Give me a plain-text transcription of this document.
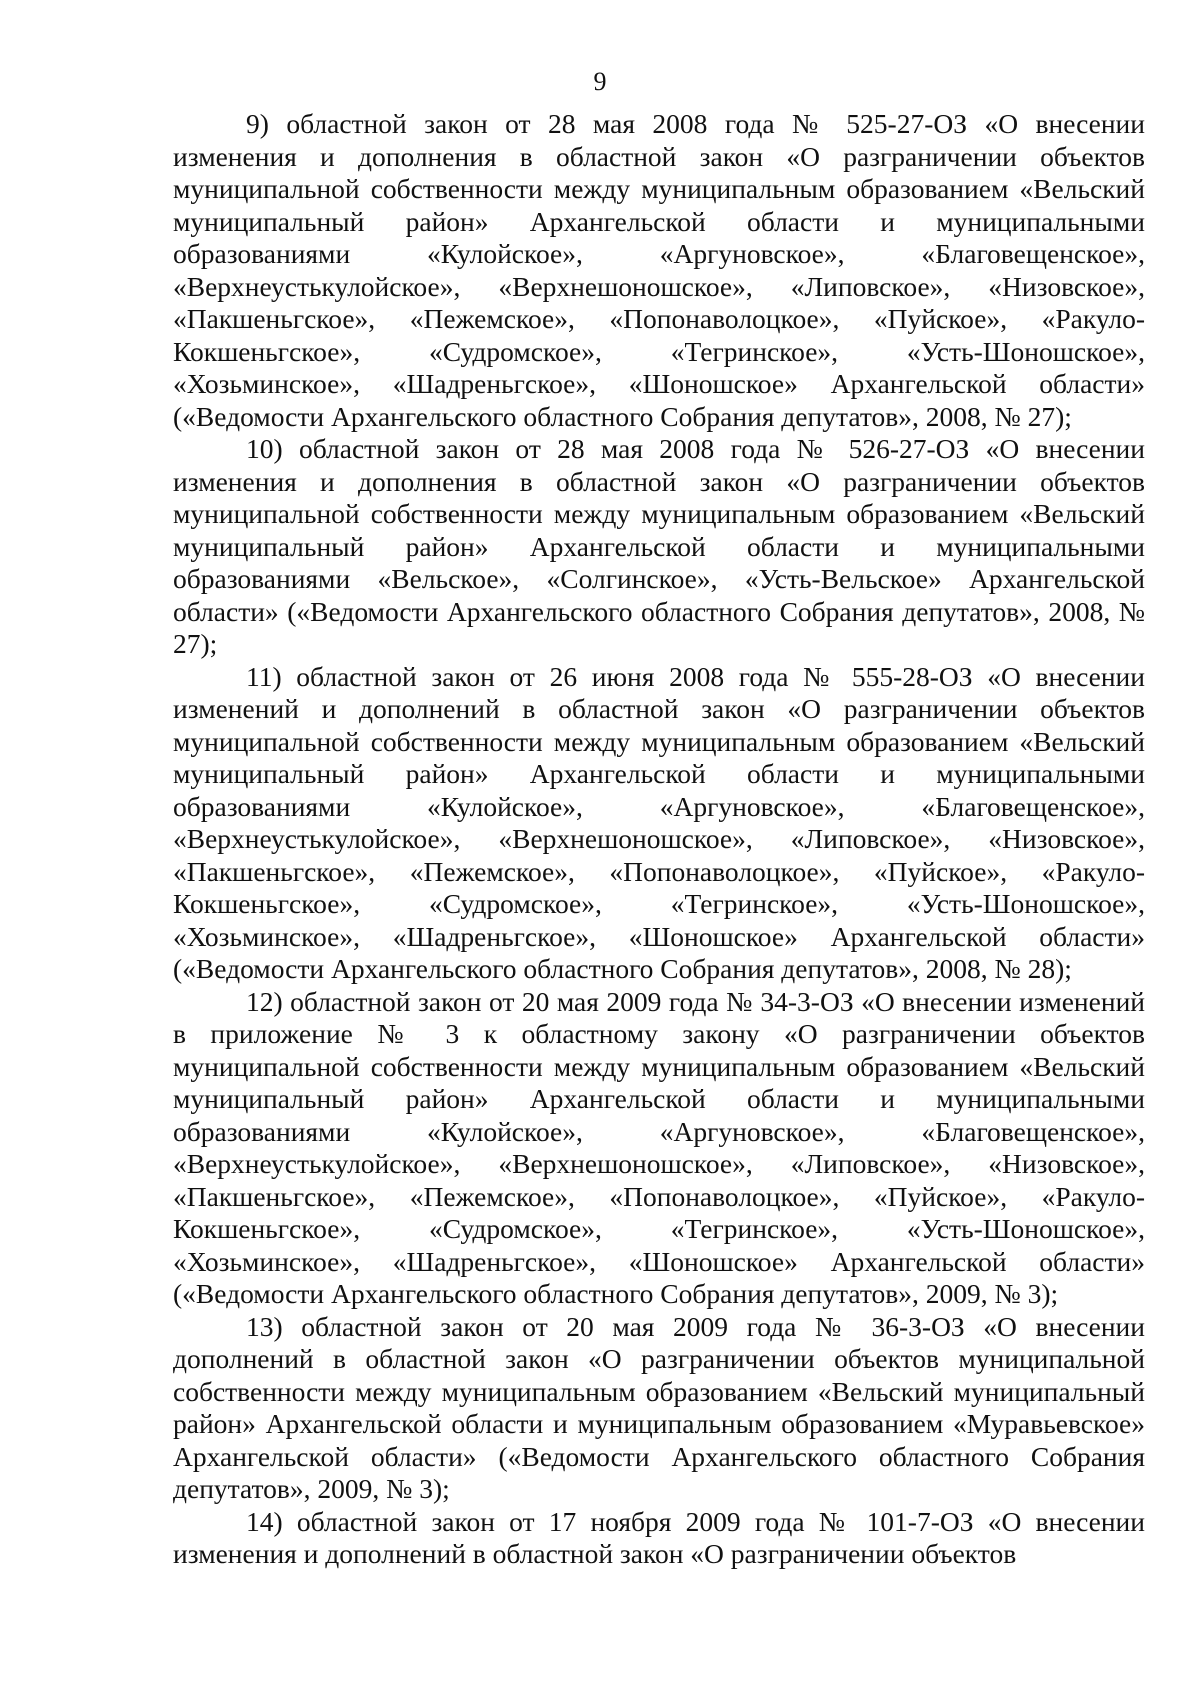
9

9) областной закон от 28 мая 2008 года № 525-27-ОЗ «О внесении изменения и дополнения в областной закон «О разграничении объектов муниципальной собственности между муниципальным образованием «Вельский муниципальный район» Архангельской области и муниципальными образованиями «Кулойское», «Аргуновское», «Благовещенское», «Верхнеустькулойское», «Верхнешоношское», «Липовское», «Низовское», «Пакшеньгское», «Пежемское», «Попонаволоцкое», «Пуйское», «Ракуло-Кокшеньгское», «Судромское», «Тегринское», «Усть-Шоношское», «Хозьминское», «Шадреньгское», «Шоношское» Архангельской области» («Ведомости Архангельского областного Собрания депутатов», 2008, № 27);

10) областной закон от 28 мая 2008 года № 526-27-ОЗ «О внесении изменения и дополнения в областной закон «О разграничении объектов муниципальной собственности между муниципальным образованием «Вельский муниципальный район» Архангельской области и муниципальными образованиями «Вельское», «Солгинское», «Усть-Вельское» Архангельской области» («Ведомости Архангельского областного Собрания депутатов», 2008, № 27);

11) областной закон от 26 июня 2008 года № 555-28-ОЗ «О внесении изменений и дополнений в областной закон «О разграничении объектов муниципальной собственности между муниципальным образованием «Вельский муниципальный район» Архангельской области и муниципальными образованиями «Кулойское», «Аргуновское», «Благовещенское», «Верхнеустькулойское», «Верхнешоношское», «Липовское», «Низовское», «Пакшеньгское», «Пежемское», «Попонаволоцкое», «Пуйское», «Ракуло-Кокшеньгское», «Судромское», «Тегринское», «Усть-Шоношское», «Хозьминское», «Шадреньгское», «Шоношское» Архангельской области» («Ведомости Архангельского областного Собрания депутатов», 2008, № 28);

12) областной закон от 20 мая 2009 года № 34-3-ОЗ «О внесении изменений в приложение № 3 к областному закону «О разграничении объектов муниципальной собственности между муниципальным образованием «Вельский муниципальный район» Архангельской области и муниципальными образованиями «Кулойское», «Аргуновское», «Благовещенское», «Верхнеустькулойское», «Верхнешоношское», «Липовское», «Низовское», «Пакшеньгское», «Пежемское», «Попонаволоцкое», «Пуйское», «Ракуло-Кокшеньгское», «Судромское», «Тегринское», «Усть-Шоношское», «Хозьминское», «Шадреньгское», «Шоношское» Архангельской области» («Ведомости Архангельского областного Собрания депутатов», 2009, № 3);

13) областной закон от 20 мая 2009 года № 36-3-ОЗ «О внесении дополнений в областной закон «О разграничении объектов муниципальной собственности между муниципальным образованием «Вельский муниципальный район» Архангельской области и муниципальным образованием «Муравьевское» Архангельской области» («Ведомости Архангельского областного Собрания депутатов», 2009, № 3);

14) областной закон от 17 ноября 2009 года № 101-7-ОЗ «О внесении изменения и дополнений в областной закон «О разграничении объектов
